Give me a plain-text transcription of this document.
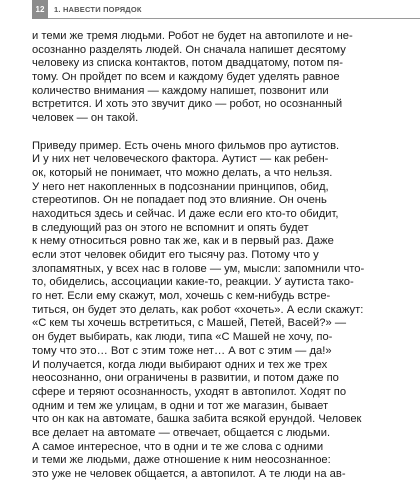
12	1. НАВЕСТИ ПОРЯДОК
и теми же тремя людьми. Робот не будет на автопилоте и не-
осознанно разделять людей. Он сначала напишет десятому
человеку из списка контактов, потом двадцатому, потом пя-
тому. Он пройдет по всем и каждому будет уделять равное
количество внимания — каждому напишет, позвонит или
встретится. И хоть это звучит дико — робот, но осознанный
человек — он такой.
Приведу пример. Есть очень много фильмов про аутистов.
И у них нет человеческого фактора. Аутист — как ребен-
ок, который не понимает, что можно делать, а что нельзя.
У него нет накопленных в подсознании принципов, обид,
стереотипов. Он не попадает под это влияние. Он очень
находиться здесь и сейчас. И даже если его кто-то обидит,
в следующий раз он этого не вспомнит и опять будет
к нему относиться ровно так же, как и в первый раз. Даже
если этот человек обидит его тысячу раз. Потому что у
злопамятных, у всех нас в голове — ум, мысли: запомнили что-
то, обиделись, ассоциации какие-то, реакции. У аутиста тако-
го нет. Если ему скажут, мол, хочешь с кем-нибудь встре-
титься, он будет это делать, как робот «хочеть». А если скажут:
«С кем ты хочешь встретиться, с Машей, Петей, Васей?» —
он будет выбирать, как люди, типа «С Машей не хочу, по-
тому что это… Вот с этим тоже нет… А вот с этим — да!»
И получается, когда люди выбирают одних и тех же трех
неосознанно, они ограничены в развитии, и потом даже по
сфере и теряют осознанность, уходят в автопилот. Ходят по
одним и тем же улицам, в одни и тот же магазин, бывает
что он как на автомате, башка забита всякой ерундой. Человек
все делает на автомате — отвечает, общается с людьми.
А самое интересное, что в одни и те же слова с одними
и теми же людьми, даже отношение к ним неосознанное:
это уже не человек общается, а автопилот. А те люди на ав-
